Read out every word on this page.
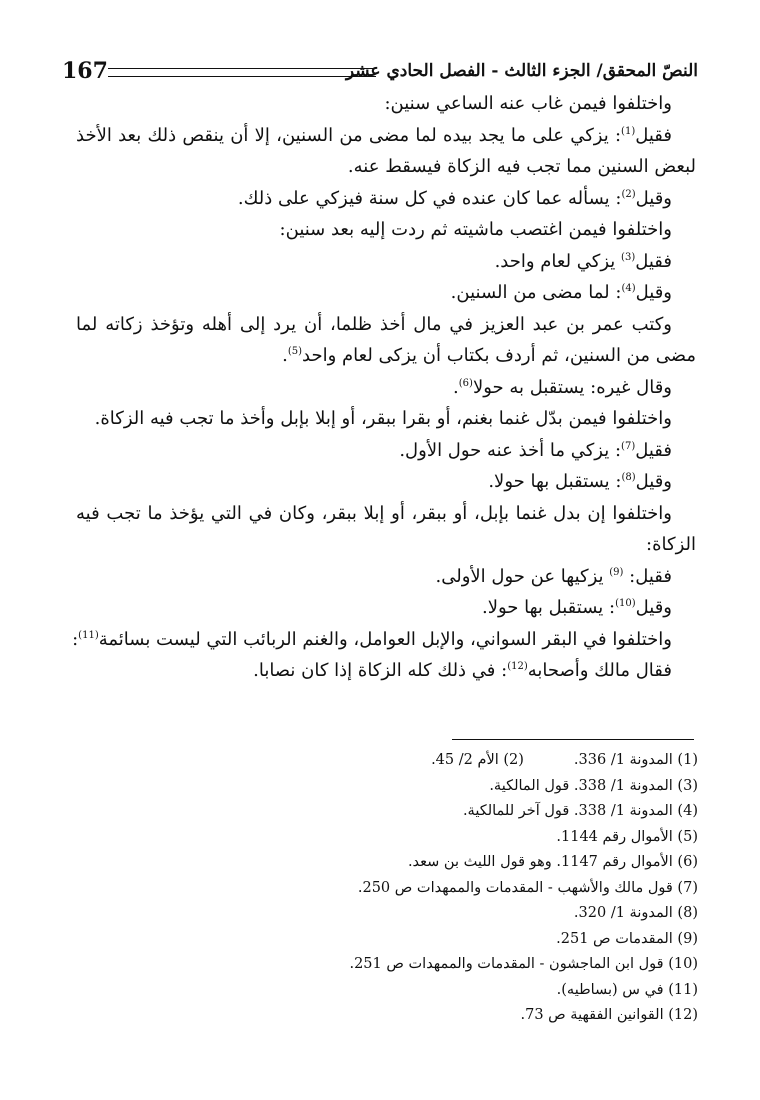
167	النصّ المحقق/ الجزء الثالث - الفصل الحادي عشر
واختلفوا فيمن غاب عنه الساعي سنين:
فقيل$^{(1)}$: يزكي على ما يجد بيده لما مضى من السنين، إلا أن ينقص ذلك بعد الأخذ
لبعض السنين مما تجب فيه الزكاة فيسقط عنه.
وقيل$^{(2)}$: يسأله عما كان عنده في كل سنة فيزكي على ذلك.
واختلفوا فيمن اغتصب ماشيته ثم ردت إليه بعد سنين:
فقيل$^{(3)}$ يزكي لعام واحد.
وقيل$^{(4)}$: لما مضى من السنين.
وكتب عمر بن عبد العزيز في مال أخذ ظلما، أن يرد إلى أهله وتؤخذ زكاته لما
مضى من السنين، ثم أردف بكتاب أن يزكى لعام واحد$^{(5)}$.
وقال غيره: يستقبل به حولا$^{(6)}$.
واختلفوا فيمن بدّل غنما بغنم، أو بقرا ببقر، أو إبلا بإبل وأخذ ما تجب فيه الزكاة.
فقيل$^{(7)}$: يزكي ما أخذ عنه حول الأول.
وقيل$^{(8)}$: يستقبل بها حولا.
واختلفوا إن بدل غنما بإبل، أو ببقر، أو إبلا ببقر، وكان في التي يؤخذ ما تجب فيه
الزكاة:
فقيل: $^{(9)}$ يزكيها عن حول الأولى.
وقيل$^{(10)}$: يستقبل بها حولا.
واختلفوا في البقر السواني، والإبل العوامل، والغنم الربائب التي ليست بسائمة$^{(11)}$:
فقال مالك وأصحابه$^{(12)}$: في ذلك كله الزكاة إذا كان نصابا.
(1) المدونة 1/ 336.(2) الأم 2/ 45.
(3) المدونة 1/ 338. قول المالكية.
(4) المدونة 1/ 338. قول آخر للمالكية.
(5) الأموال رقم 1144.
(6) الأموال رقم 1147. وهو قول الليث بن سعد.
(7) قول مالك والأشهب - المقدمات والممهدات ص 250.
(8) المدونة 1/ 320.
(9) المقدمات ص 251.
(10) قول ابن الماجشون - المقدمات والممهدات ص 251.
(11) في س (بساطيه).
(12) القوانين الفقهية ص 73.
